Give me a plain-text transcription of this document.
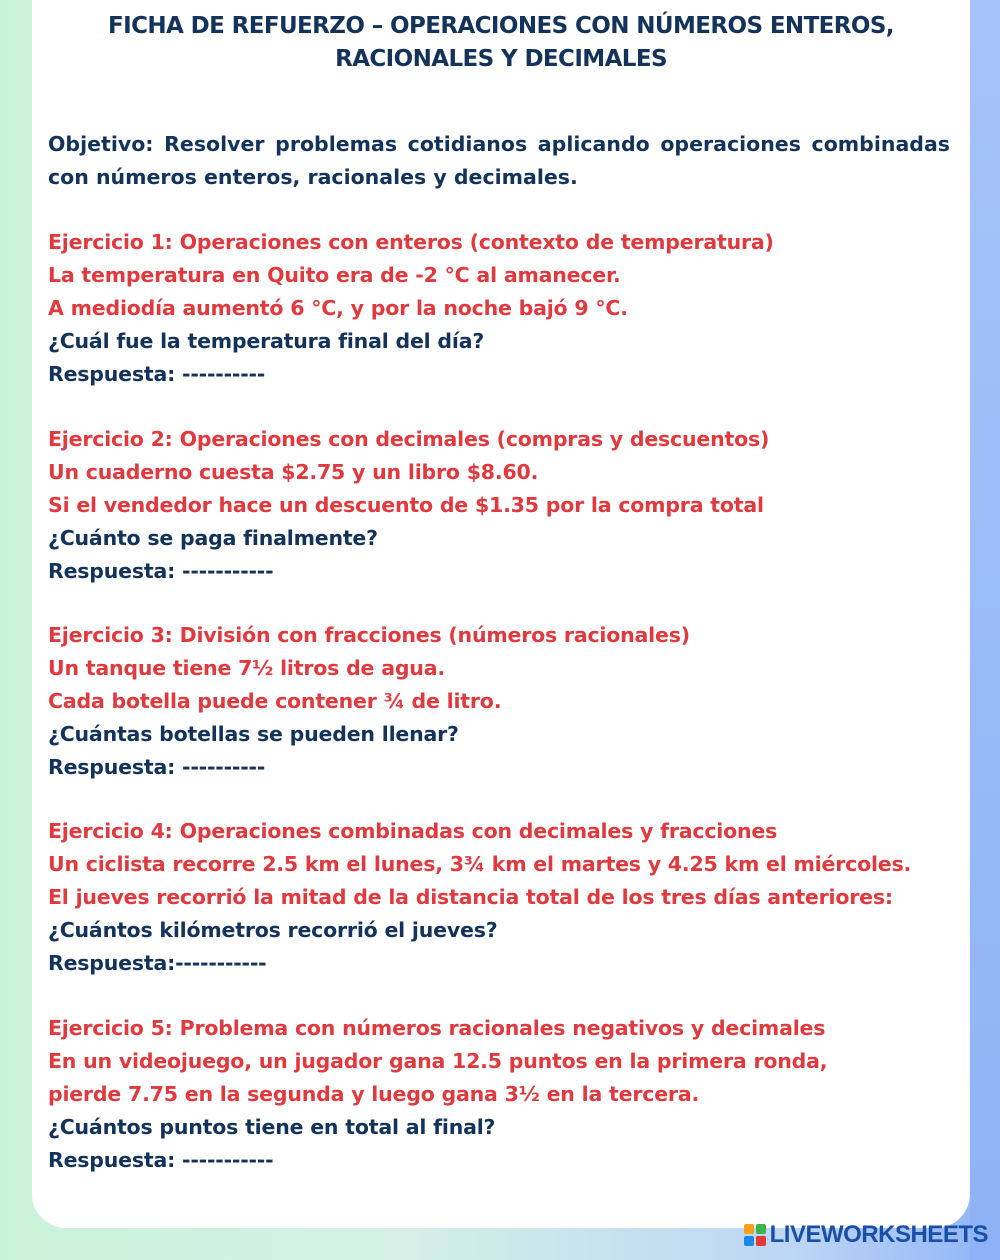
FICHA DE REFUERZO – OPERACIONES CON NÚMEROS ENTEROS,
RACIONALES Y DECIMALES

Objetivo: Resolver problemas cotidianos aplicando operaciones combinadas con números enteros, racionales y decimales.

Ejercicio 1: Operaciones con enteros (contexto de temperatura)
La temperatura en Quito era de -2 °C al amanecer.
A mediodía aumentó 6 °C, y por la noche bajó 9 °C.
¿Cuál fue la temperatura final del día?
Respuesta: ----------
Ejercicio 2: Operaciones con decimales (compras y descuentos)
Un cuaderno cuesta $2.75 y un libro $8.60.
Si el vendedor hace un descuento de $1.35 por la compra total
¿Cuánto se paga finalmente?
Respuesta: -----------
Ejercicio 3: División con fracciones (números racionales)
Un tanque tiene 7½ litros de agua.
Cada botella puede contener ¾ de litro.
¿Cuántas botellas se pueden llenar?
Respuesta: ----------
Ejercicio 4: Operaciones combinadas con decimales y fracciones
Un ciclista recorre 2.5 km el lunes, 3¾ km el martes y 4.25 km el miércoles.
El jueves recorrió la mitad de la distancia total de los tres días anteriores:
¿Cuántos kilómetros recorrió el jueves?
Respuesta:-----------
Ejercicio 5: Problema con números racionales negativos y decimales
En un videojuego, un jugador gana 12.5 puntos en la primera ronda,
pierde 7.75 en la segunda y luego gana 3½ en la tercera.
¿Cuántos puntos tiene en total al final?
Respuesta: -----------
LIVEWORKSHEETS
